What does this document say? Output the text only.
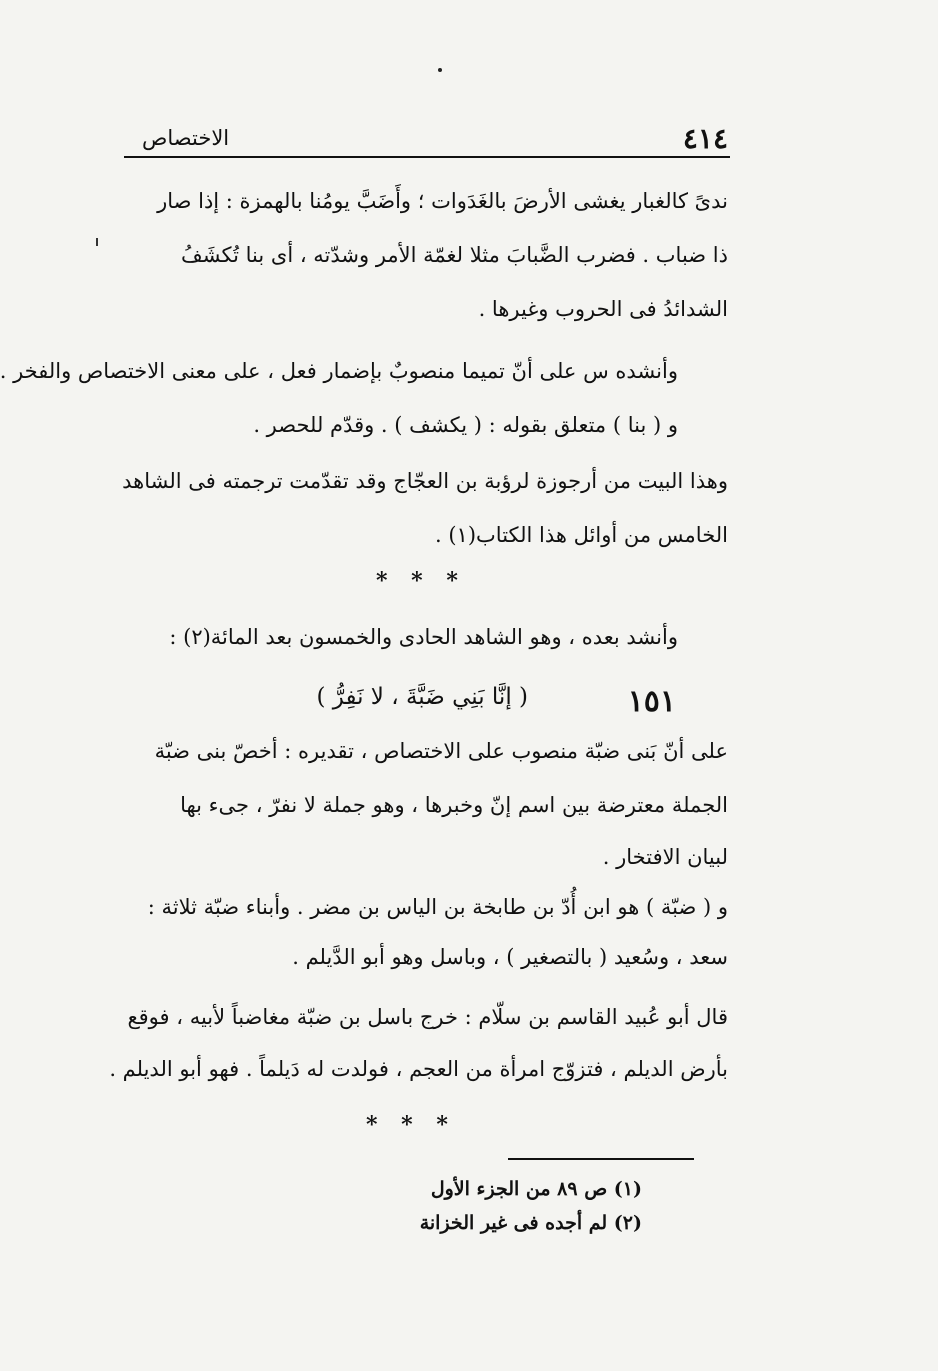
٤١٤
الاختصاص
ندىً كالغبار يغشى الأرضَ بالغَدَوات ؛ وأَضَبَّ يومُنا بالهمزة : إذا صار
ذا ضباب . فضرب الضَّبابَ مثلا لغمّة الأمر وشدّته ، أى بنا تُكشَفُ
الشدائدُ فى الحروب وغيرها .
وأنشده س على أنّ تميما منصوبٌ بإضمار فعل ، على معنى الاختصاص والفخر .
و ( بنا ) متعلق بقوله : ( يكشف ) . وقدّم للحصر .
وهذا البيت من أرجوزة لرؤبة بن العجّاج وقد تقدّمت ترجمته فى الشاهد
الخامس من أوائل هذا الكتاب(١) .
* * *
وأنشد بعده ، وهو الشاهد الحادى والخمسون بعد المائة(٢) :
١٥١
( إنَّا بَنِي ضَبَّةَ ، لا نَفِرُّ )
على أنّ بَنى ضبّة منصوب على الاختصاص ، تقديره : أخصّ بنى ضبّة
الجملة معترضة بين اسم إنّ وخبرها ، وهو جملة لا نفرّ ، جىء بها
لبيان الافتخار .
و ( ضبّة ) هو ابن أُدّ بن طابخة بن الياس بن مضر . وأبناء ضبّة ثلاثة :
سعد ، وسُعيد ( بالتصغير ) ، وباسل وهو أبو الدَّيلم .
قال أبو عُبيد القاسم بن سلّام : خرج باسل بن ضبّة مغاضباً لأبيه ، فوقع
بأرض الديلم ، فتزوّج امرأة من العجم ، فولدت له دَيلماً . فهو أبو الديلم .
* * *
(١) ص ٨٩ من الجزء الأول
(٢) لم أجده فى غير الخزانة
